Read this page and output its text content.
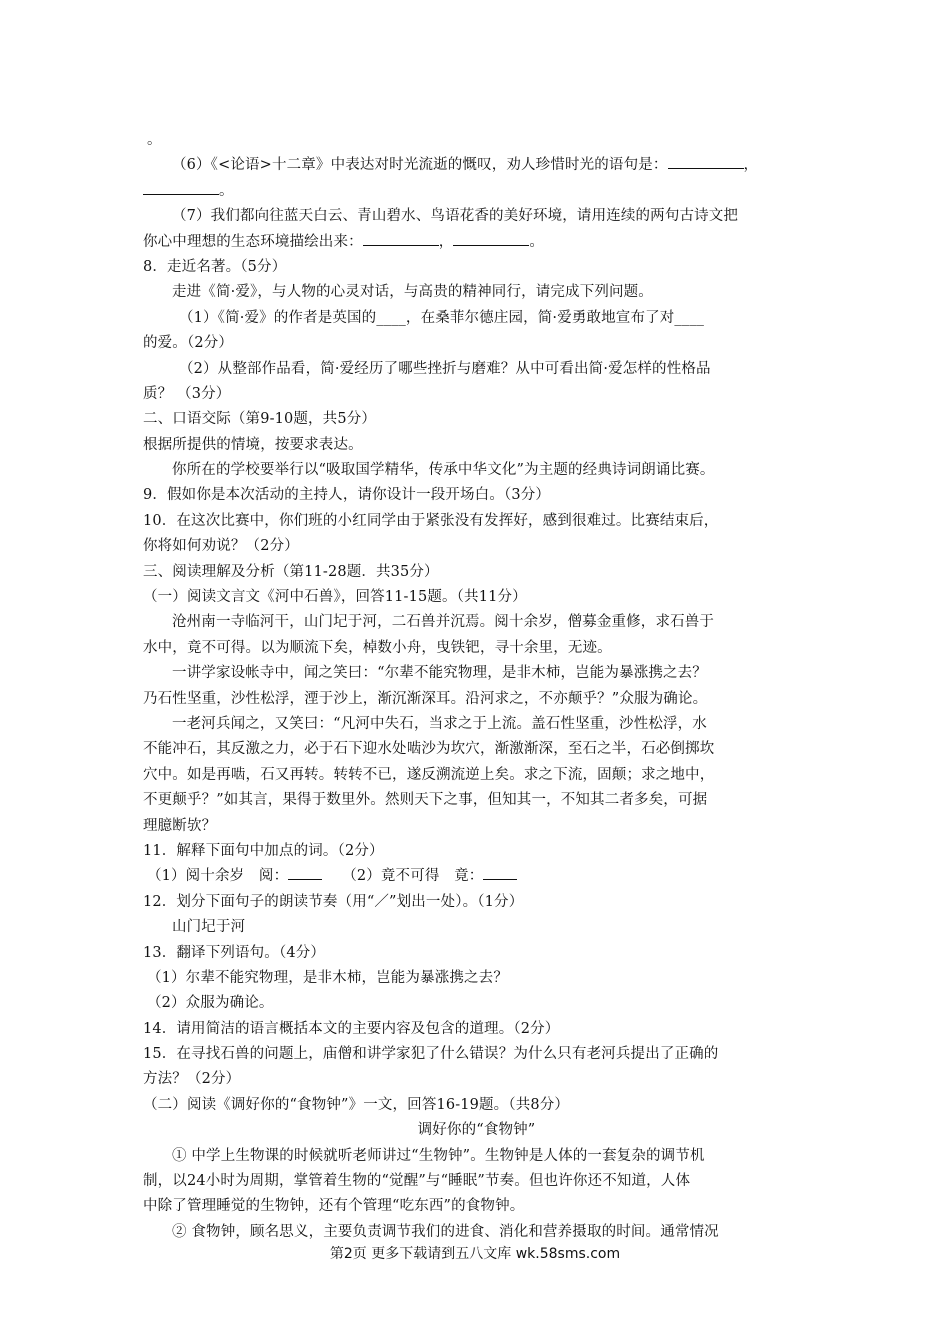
。
（6）《<论语>十二章》中表达对时光流逝的慨叹，劝人珍惜时光的语句是：	，
。
（7）我们都向往蓝天白云、青山碧水、鸟语花香的美好环境，请用连续的两句古诗文把
你心中理想的生态环境描绘出来：	，	。
8．走近名著。（5分）
走进《简·爱》，与人物的心灵对话，与高贵的精神同行，请完成下列问题。
（1）《简·爱》的作者是英国的____，在桑菲尔德庄园，简·爱勇敢地宣布了对____
的爱。（2分）
（2）从整部作品看，简·爱经历了哪些挫折与磨难？从中可看出简·爱怎样的性格品
质？ （3分）
二、口语交际（第9-10题，共5分）
根据所提供的情境，按要求表达。
你所在的学校要举行以“吸取国学精华，传承中华文化”为主题的经典诗词朗诵比赛。
9．假如你是本次活动的主持人，请你设计一段开场白。（3分）
10．在这次比赛中，你们班的小红同学由于紧张没有发挥好，感到很难过。比赛结束后，
你将如何劝说？（2分）
三、阅读理解及分析（第11-28题．共35分）
（一）阅读文言文《河中石兽》，回答11-15题。（共11分）
沧州南一寺临河干，山门圮于河，二石兽并沉焉。阅十余岁，僧募金重修，求石兽于
水中，竟不可得。以为顺流下矣，棹数小舟，曳铁钯，寻十余里，无迹。
一讲学家设帐寺中，闻之笑曰：“尔辈不能究物理，是非木柿，岂能为暴涨携之去？
乃石性坚重，沙性松浮，湮于沙上，渐沉渐深耳。沿河求之，不亦颠乎？”众服为确论。
一老河兵闻之，又笑曰：“凡河中失石，当求之于上流。盖石性坚重，沙性松浮，水
不能冲石，其反激之力，必于石下迎水处啮沙为坎穴，渐激渐深，至石之半，石必倒掷坎
穴中。如是再啮，石又再转。转转不已，遂反溯流逆上矣。求之下流，固颠；求之地中，
不更颠乎？”如其言，果得于数里外。然则天下之事，但知其一，不知其二者多矣，可据
理臆断欤？
11．解释下面句中加点的词。（2分）
（1）阅十余岁　阅：	（2）竟不可得　竟：
12．划分下面句子的朗读节奏（用“／”划出一处）。（1分）
山门圮于河
13．翻译下列语句。（4分）
（1）尔辈不能究物理，是非木柿，岂能为暴涨携之去？
（2）众服为确论。
14．请用简洁的语言概括本文的主要内容及包含的道理。（2分）
15．在寻找石兽的问题上，庙僧和讲学家犯了什么错误？为什么只有老河兵提出了正确的
方法？（2分）
（二）阅读《调好你的“食物钟”》一文，回答16-19题。（共8分）
调好你的“食物钟”
① 中学上生物课的时候就听老师讲过“生物钟”。生物钟是人体的一套复杂的调节机
制，以24小时为周期，掌管着生物的“觉醒”与“睡眠”节奏。但也许你还不知道，人体
中除了管理睡觉的生物钟，还有个管理“吃东西”的食物钟。
② 食物钟，顾名思义，主要负责调节我们的进食、消化和营养摄取的时间。通常情况
第2页 更多下载请到五八文库 wk.58sms.com
